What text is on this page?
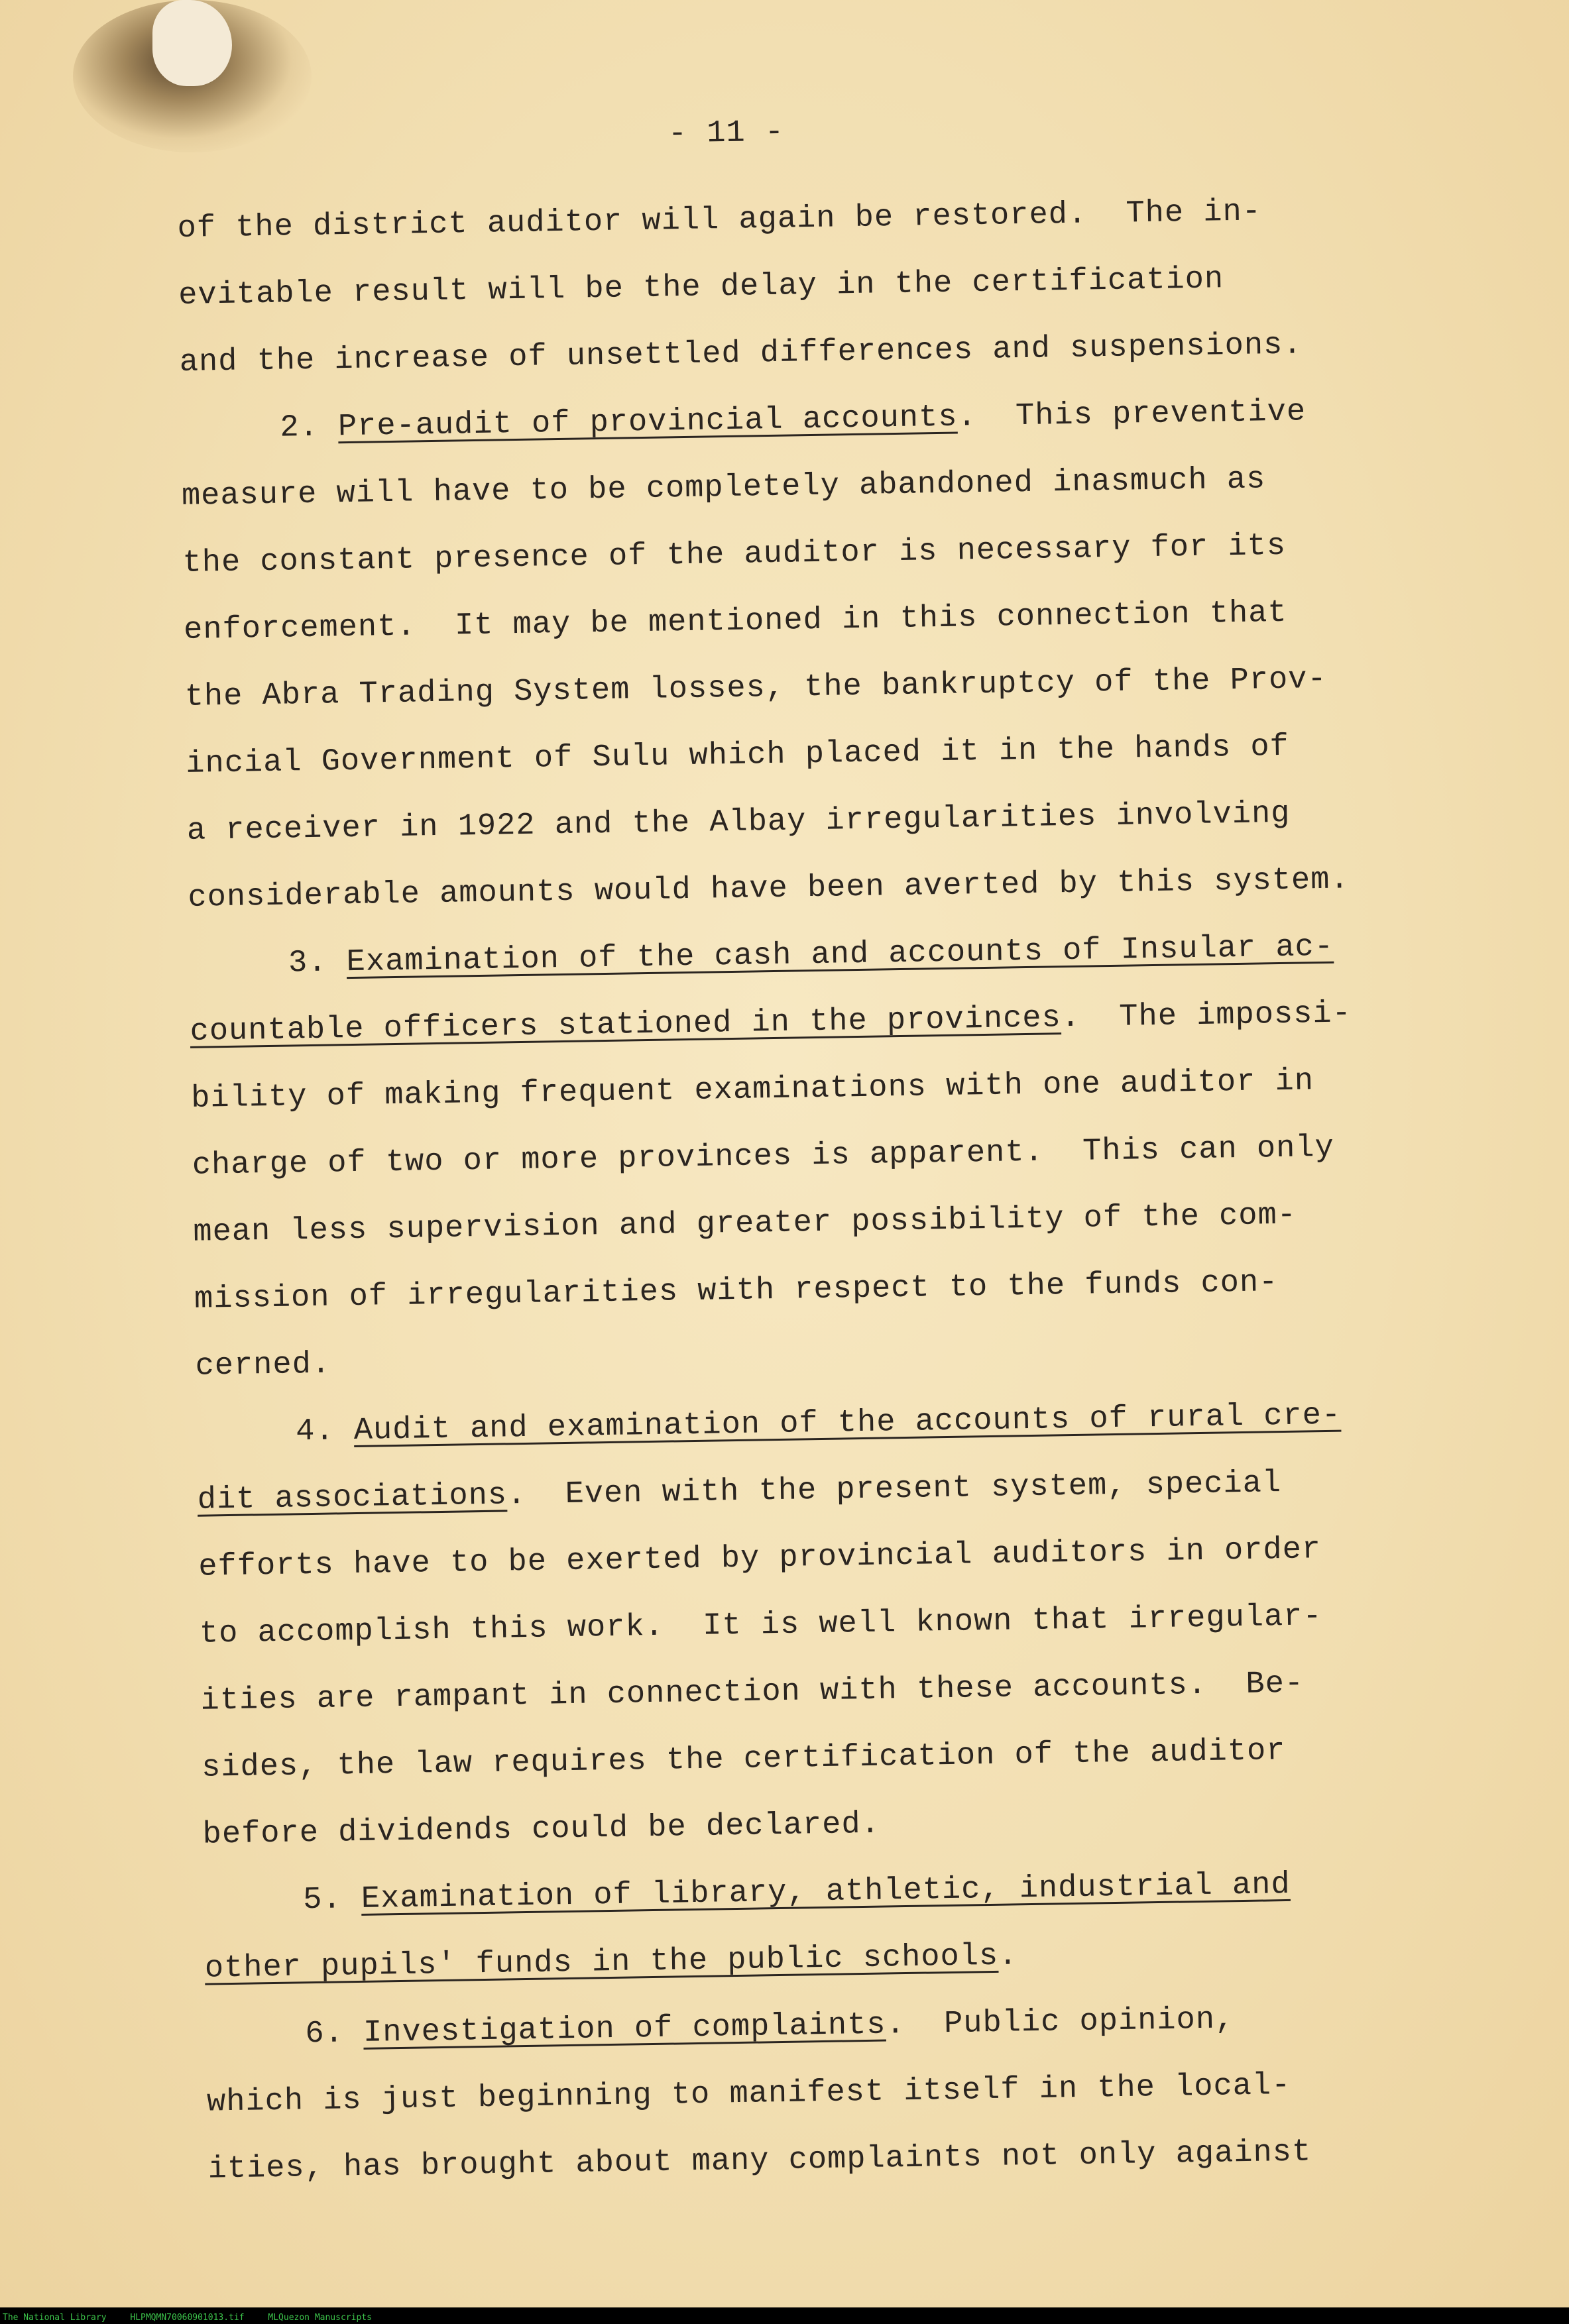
- 11 -
of the district auditor will again be restored.  The in-
evitable result will be the delay in the certification
and the increase of unsettled differences and suspensions.
2. Pre-audit of provincial accounts.  This preventive
measure will have to be completely abandoned inasmuch as
the constant presence of the auditor is necessary for its
enforcement.  It may be mentioned in this connection that
the Abra Trading System losses, the bankruptcy of the Prov-
incial Government of Sulu which placed it in the hands of
a receiver in 1922 and the Albay irregularities involving
considerable amounts would have been averted by this system.
3. Examination of the cash and accounts of Insular ac-
countable officers stationed in the provinces.  The impossi-
bility of making frequent examinations with one auditor in
charge of two or more provinces is apparent.  This can only
mean less supervision and greater possibility of the com-
mission of irregularities with respect to the funds con-
cerned.
4. Audit and examination of the accounts of rural cre-
dit associations.  Even with the present system, special
efforts have to be exerted by provincial auditors in order
to accomplish this work.  It is well known that irregular-
ities are rampant in connection with these accounts.  Be-
sides, the law requires the certification of the auditor
before dividends could be declared.
5. Examination of library, athletic, industrial and
other pupils' funds in the public schools.
6. Investigation of complaints.  Public opinion,
which is just beginning to manifest itself in the local-
ities, has brought about many complaints not only against
The National Library	HLPMQMN70060901013.tif	MLQuezon Manuscripts
